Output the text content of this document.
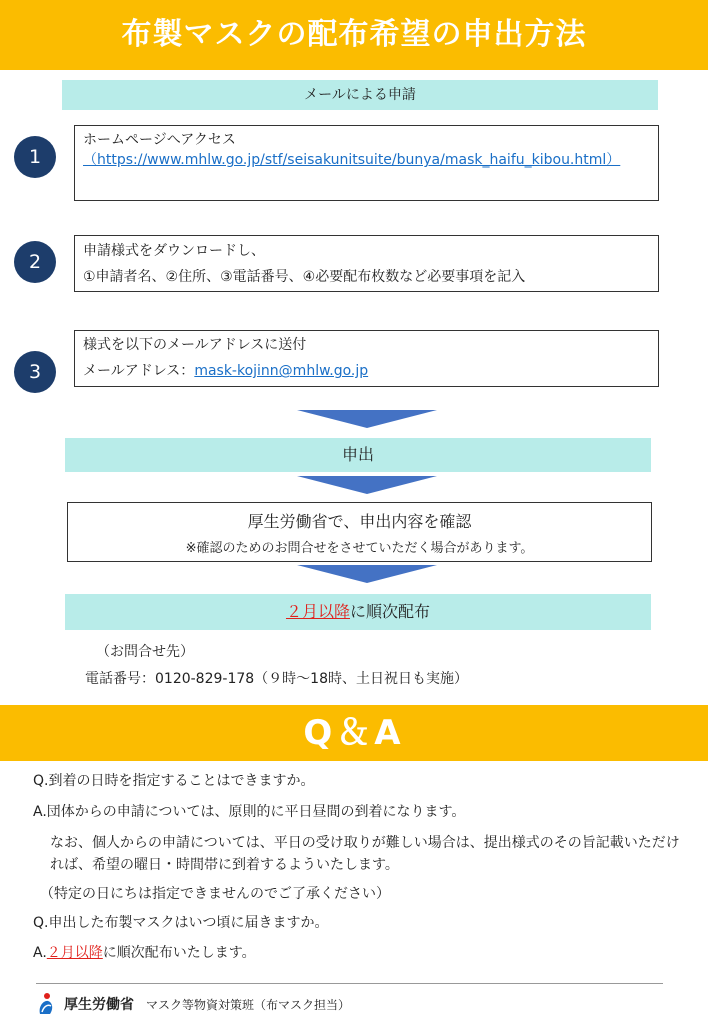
布製マスクの配布希望の申出方法
メールによる申請
1
ホームページへアクセス
（https://www.mhlw.go.jp/stf/seisakunitsuite/bunya/mask_haifu_kibou.html）
2	申請様式をダウンロードし、
①申請者名、②住所、③電話番号、④必要配布枚数など必要事項を記入
3
様式を以下のメールアドレスに送付
メールアドレス：mask-kojinn@mhlw.go.jp
申出
厚生労働省で、申出内容を確認
※確認のためのお問合せをさせていただく場合があります。
２月以降に順次配布
（お問合せ先）
電話番号：0120-829-178（９時～18時、土日祝日も実施）
Q＆A
Q.到着の日時を指定することはできますか。
A.団体からの申請については、原則的に平日昼間の到着になります。
なお、個人からの申請については、平日の受け取りが難しい場合は、提出様式のその旨記載いただければ、希望の曜日・時間帯に到着するよういたします。
（特定の日にちは指定できませんのでご了承ください）
Q.申出した布製マスクはいつ頃に届きますか。
A.２月以降に順次配布いたします。
厚生労働省 マスク等物資対策班（布マスク担当）
